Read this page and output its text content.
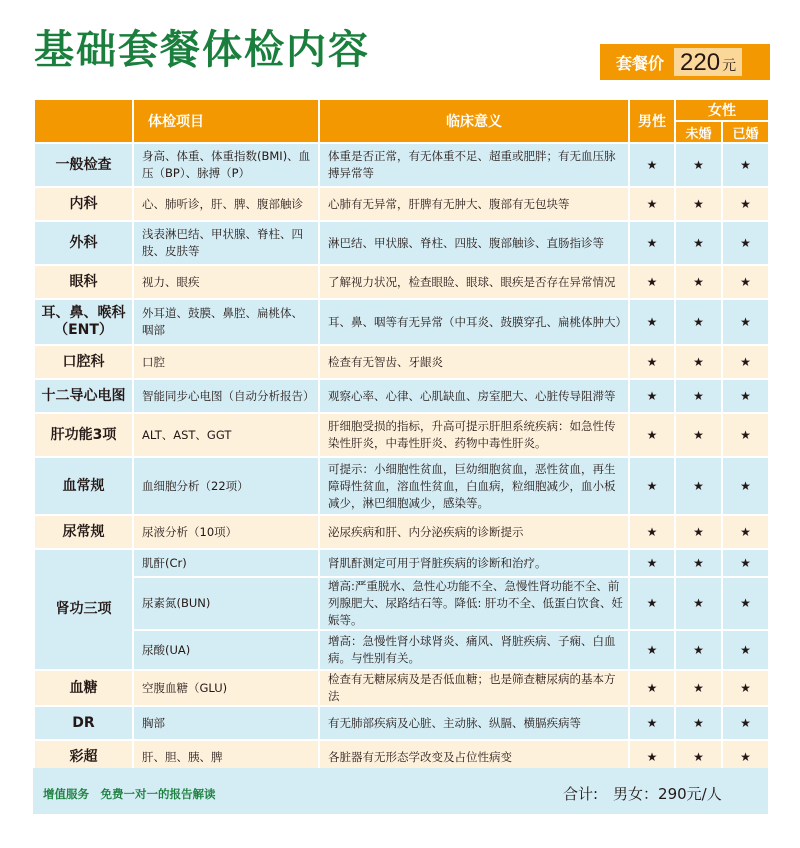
基础套餐体检内容	套餐价 220 元
	体检项目	临床意义	男性	女性	
				未婚	已婚
一般检查	身高、体重、体重指数(BMI)、血压（BP）、脉搏（P）	体重是否正常，有无体重不足、超重或肥胖；有无血压脉搏异常等	★	★	★
内科	心、肺听诊，肝、脾、腹部触诊	心肺有无异常，肝脾有无肿大、腹部有无包块等	★	★	★
外科	浅表淋巴结、甲状腺、脊柱、四肢、皮肤等	淋巴结、甲状腺、脊柱、四肢、腹部触诊、直肠指诊等	★	★	★
眼科	视力、眼疾	了解视力状况，检查眼睑、眼球、眼疾是否存在异常情况	★	★	★
耳、鼻、喉科（ENT）	外耳道、鼓膜、鼻腔、扁桃体、咽部	耳、鼻、咽等有无异常（中耳炎、鼓膜穿孔、扁桃体肿大）	★	★	★
口腔科	口腔	检查有无智齿、牙龈炎	★	★	★
十二导心电图	智能同步心电图（自动分析报告）	观察心率、心律、心肌缺血、房室肥大、心脏传导阻滞等	★	★	★
肝功能3项	ALT、AST、GGT	肝细胞受损的指标，升高可提示肝胆系统疾病：如急性传染性肝炎，中毒性肝炎、药物中毒性肝炎。	★	★	★
血常规	血细胞分析（22项）	可提示：小细胞性贫血，巨幼细胞贫血，恶性贫血，再生障碍性贫血，溶血性贫血，白血病，粒细胞减少，血小板减少，淋巴细胞减少，感染等。	★	★	★
尿常规	尿液分析（10项）	泌尿疾病和肝、内分泌疾病的诊断提示	★	★	★
肾功三项	肌酐(Cr)	肾肌酐测定可用于肾脏疾病的诊断和治疗。	★	★	★
	尿素氮(BUN)	增高:严重脱水、急性心功能不全、急慢性肾功能不全、前列腺肥大、尿路结石等。降低: 肝功不全、低蛋白饮食、妊娠等。	★	★	★
	尿酸(UA)	增高：急慢性肾小球肾炎、痛风、肾脏疾病、子痫、白血病。与性别有关。	★	★	★
血糖	空腹血糖（GLU)	检查有无糖尿病及是否低血糖；也是筛查糖尿病的基本方法	★	★	★
DR	胸部	有无肺部疾病及心脏、主动脉、纵膈、横膈疾病等	★	★	★
彩超	肝、胆、胰、脾	各脏器有无形态学改变及占位性病变	★	★	★
增值服务　免费一对一的报告解读	合计:　男女：290元/人
